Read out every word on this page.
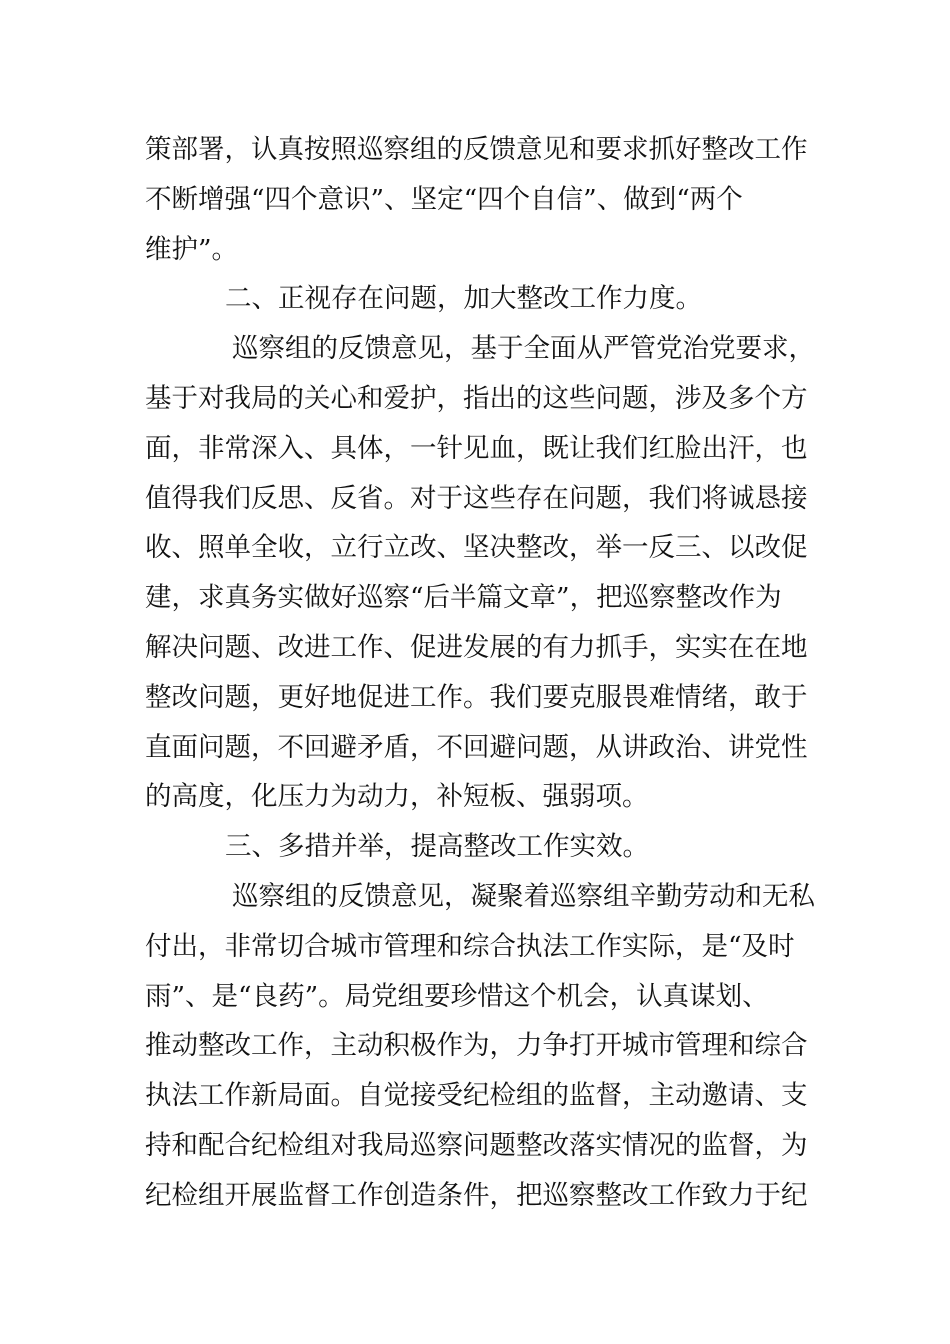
策部署，认真按照巡察组的反馈意见和要求抓好整改工作
不断增强“四个意识”、坚定“四个自信”、做到“两个
维护”。
二、正视存在问题，加大整改工作力度。
巡察组的反馈意见，基于全面从严管党治党要求，
基于对我局的关心和爱护，指出的这些问题，涉及多个方
面，非常深入、具体，一针见血，既让我们红脸出汗，也
值得我们反思、反省。对于这些存在问题，我们将诚恳接
收、照单全收，立行立改、坚决整改，举一反三、以改促
建，求真务实做好巡察“后半篇文章”，把巡察整改作为
解决问题、改进工作、促进发展的有力抓手，实实在在地
整改问题，更好地促进工作。我们要克服畏难情绪，敢于
直面问题，不回避矛盾，不回避问题，从讲政治、讲党性
的高度，化压力为动力，补短板、强弱项。
三、多措并举，提高整改工作实效。
巡察组的反馈意见，凝聚着巡察组辛勤劳动和无私
付出，非常切合城市管理和综合执法工作实际，是“及时
雨”、是“良药”。局党组要珍惜这个机会，认真谋划、
推动整改工作，主动积极作为，力争打开城市管理和综合
执法工作新局面。自觉接受纪检组的监督，主动邀请、支
持和配合纪检组对我局巡察问题整改落实情况的监督，为
纪检组开展监督工作创造条件，把巡察整改工作致力于纪
